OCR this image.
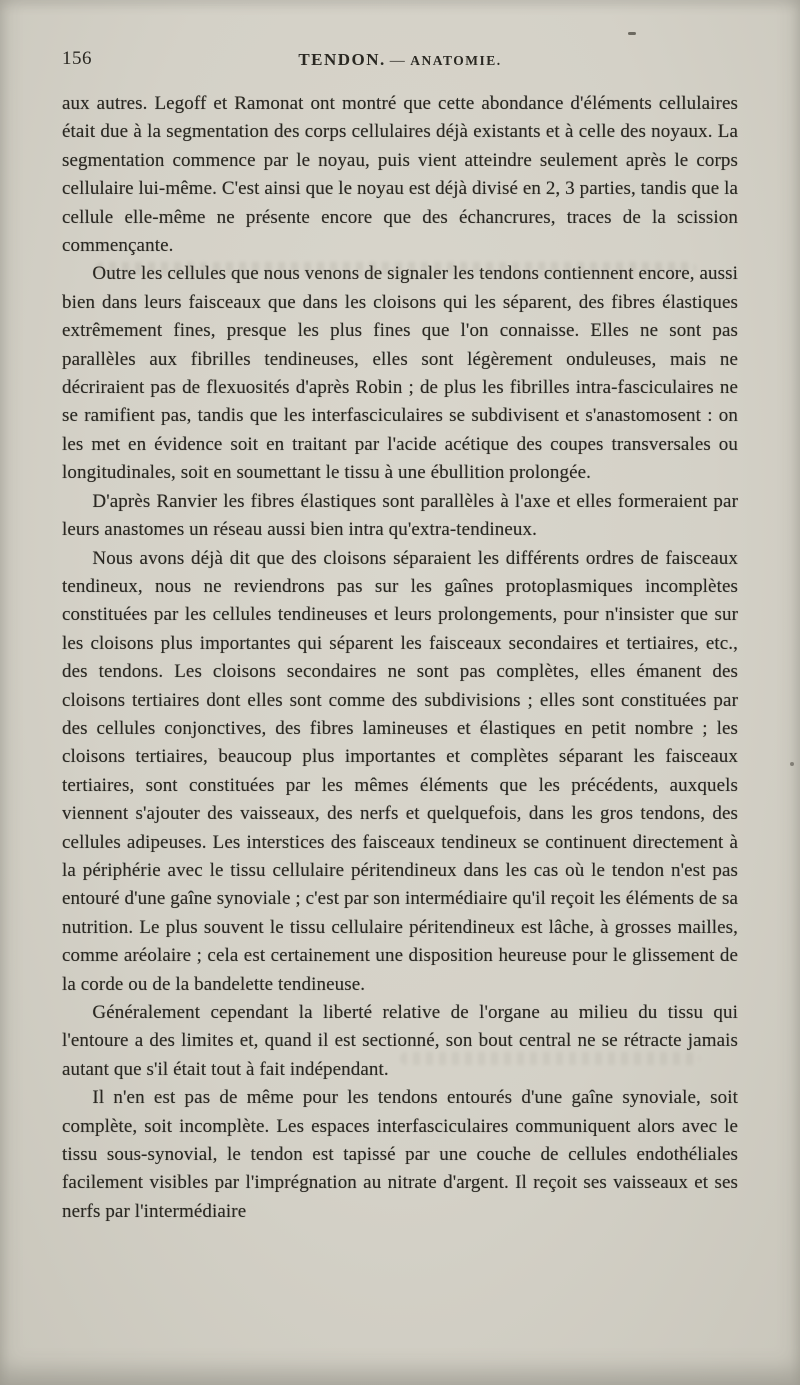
156	TENDON. — ANATOMIE.

aux autres. Legoff et Ramonat ont montré que cette abondance d'éléments cellulaires était due à la segmentation des corps cellulaires déjà existants et à celle des noyaux. La segmentation commence par le noyau, puis vient atteindre seulement après le corps cellulaire lui-même. C'est ainsi que le noyau est déjà divisé en 2, 3 parties, tandis que la cellule elle-même ne présente encore que des échancrures, traces de la scission commençante.

Outre les cellules que nous venons de signaler les tendons contiennent encore, aussi bien dans leurs faisceaux que dans les cloisons qui les séparent, des fibres élastiques extrêmement fines, presque les plus fines que l'on connaisse. Elles ne sont pas parallèles aux fibrilles tendineuses, elles sont légèrement onduleuses, mais ne décriraient pas de flexuosités d'après Robin ; de plus les fibrilles intra-fasciculaires ne se ramifient pas, tandis que les interfasciculaires se subdivisent et s'anastomosent : on les met en évidence soit en traitant par l'acide acétique des coupes transversales ou longitudinales, soit en soumettant le tissu à une ébullition prolongée.

D'après Ranvier les fibres élastiques sont parallèles à l'axe et elles formeraient par leurs anastomes un réseau aussi bien intra qu'extra-tendineux.

Nous avons déjà dit que des cloisons séparaient les différents ordres de faisceaux tendineux, nous ne reviendrons pas sur les gaînes protoplasmiques incomplètes constituées par les cellules tendineuses et leurs prolongements, pour n'insister que sur les cloisons plus importantes qui séparent les faisceaux secondaires et tertiaires, etc., des tendons. Les cloisons secondaires ne sont pas complètes, elles émanent des cloisons tertiaires dont elles sont comme des subdivisions ; elles sont constituées par des cellules conjonctives, des fibres lamineuses et élastiques en petit nombre ; les cloisons tertiaires, beaucoup plus importantes et complètes séparant les faisceaux tertiaires, sont constituées par les mêmes éléments que les précédents, auxquels viennent s'ajouter des vaisseaux, des nerfs et quelquefois, dans les gros tendons, des cellules adipeuses. Les interstices des faisceaux tendineux se continuent directement à la périphérie avec le tissu cellulaire péritendineux dans les cas où le tendon n'est pas entouré d'une gaîne synoviale ; c'est par son intermédiaire qu'il reçoit les éléments de sa nutrition. Le plus souvent le tissu cellulaire péritendineux est lâche, à grosses mailles, comme aréolaire ; cela est certainement une disposition heureuse pour le glissement de la corde ou de la bandelette tendineuse.

Généralement cependant la liberté relative de l'organe au milieu du tissu qui l'entoure a des limites et, quand il est sectionné, son bout central ne se rétracte jamais autant que s'il était tout à fait indépendant.

Il n'en est pas de même pour les tendons entourés d'une gaîne synoviale, soit complète, soit incomplète. Les espaces interfasciculaires communiquent alors avec le tissu sous-synovial, le tendon est tapissé par une couche de cellules endothéliales facilement visibles par l'imprégnation au nitrate d'argent. Il reçoit ses vaisseaux et ses nerfs par l'intermédiaire
